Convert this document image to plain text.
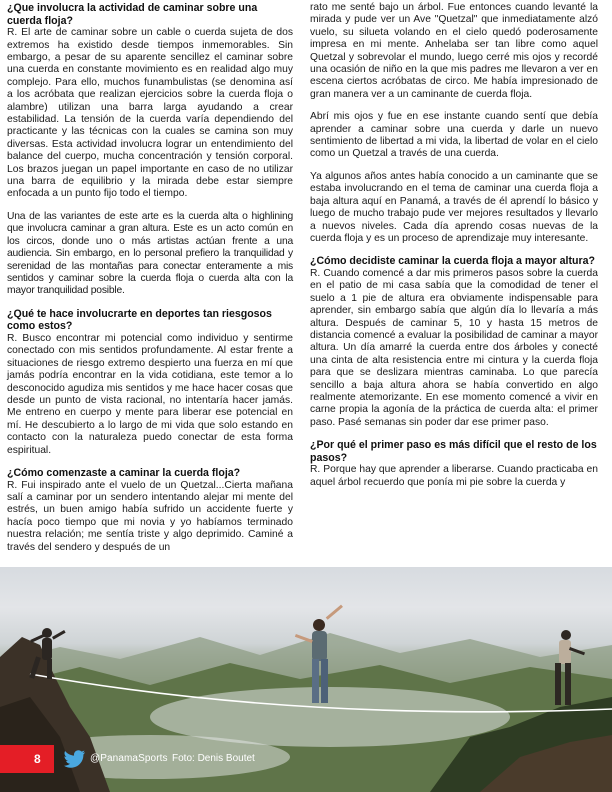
¿Que involucra la actividad de caminar sobre una cuerda floja?

R. El arte de caminar sobre un cable o cuerda sujeta de dos extremos ha existido desde tiempos inmemorables. Sin embargo, a pesar de su aparente sencillez el caminar sobre una cuerda en constante movimiento es en realidad algo muy complejo. Para ello, muchos funambulistas (se denomina así a los acróbata que realizan ejercicios sobre la cuerda floja o alambre) utilizan una barra larga ayudando a crear estabilidad. La tensión de la cuerda varía dependiendo del practicante y las técnicas con la cuales se camina son muy diversas. Esta actividad involucra lograr un entendimiento del balance del cuerpo, mucha concentración y tensión corporal. Los brazos juegan un papel importante en caso de no utilizar una barra de equilibrio y la mirada debe estar siempre enfocada a un punto fijo todo el tiempo.

Una de las variantes de este arte es la cuerda alta o highlining que involucra caminar a gran altura. Este es un acto común en los circos, donde uno o más artistas actúan frente a una audiencia. Sin embargo, en lo personal prefiero la tranquilidad y serenidad de las montañas para conectar enteramente a mis sentidos y caminar sobre la cuerda floja o cuerda alta con la mayor tranquilidad posible.

¿Qué te hace involucrarte en deportes tan riesgosos como estos?

R. Busco encontrar mi potencial como individuo y sentirme conectado con mis sentidos profundamente. Al estar frente a situaciones de riesgo extremo despierto una fuerza en mí que jamás podría encontrar en la vida cotidiana, este temor a lo desconocido agudiza mis sentidos y me hace hacer cosas que desde un punto de vista racional, no intentaría hacer jamás. Me entreno en cuerpo y mente para liberar ese potencial en mí. He descubierto a lo largo de mi vida que solo estando en contacto con la naturaleza puedo conectar de esta forma espiritual.

¿Cómo comenzaste a caminar la cuerda floja?

R. Fui inspirado ante el vuelo de un Quetzal...Cierta mañana salí a caminar por un sendero intentando alejar mi mente del estrés, un buen amigo había sufrido un accidente fuerte y hacía poco tiempo que mi novia y yo habíamos terminado nuestra relación; me sentía triste y algo deprimido. Caminé a través del sendero y después de un

rato me senté bajo un árbol. Fue entonces cuando levanté la mirada y pude ver un Ave "Quetzal" que inmediatamente alzó vuelo, su silueta volando en el cielo quedó poderosamente impresa en mi mente. Anhelaba ser tan libre como aquel Quetzal y sobrevolar el mundo, luego cerré mis ojos y recordé una ocasión de niño en la que mis padres me llevaron a ver en escena ciertos acróbatas de circo. Me había impresionado de gran manera ver a un caminante de cuerda floja.

Abrí mis ojos y fue en ese instante cuando sentí que debía aprender a caminar sobre una cuerda y darle un nuevo sentimiento de libertad a mi vida, la libertad de volar en el cielo como un Quetzal a través de una cuerda.

Ya algunos años antes había conocido a un caminante que se estaba involucrando en el tema de caminar una cuerda floja a baja altura aquí en Panamá, a través de él aprendí lo básico y luego de mucho trabajo pude ver mejores resultados y llevarlo a nuevos niveles. Cada día aprendo cosas nuevas de la cuerda floja y es un proceso de aprendizaje muy interesante.

¿Cómo decidiste caminar la cuerda floja a mayor altura?

R. Cuando comencé a dar mis primeros pasos sobre la cuerda en el patio de mi casa sabía que la comodidad de tener el suelo a 1 pie de altura era obviamente indispensable para aprender, sin embargo sabía que algún día lo llevaría a más altura. Después de caminar 5, 10 y hasta 15 metros de distancia comencé a evaluar la posibilidad de caminar a mayor altura. Un día amarré la cuerda entre dos árboles y conecté una cinta de alta resistencia entre mi cintura y la cuerda floja para que se deslizara mientras caminaba. Lo que parecía sencillo a baja altura ahora se había convertido en algo realmente atemorizante. En ese momento comencé a vivir en carne propia la agonía de la práctica de cuerda alta: el primer paso. Pasé semanas sin poder dar ese primer paso.

¿Por qué el primer paso es más difícil que el resto de los pasos?

R. Porque hay que aprender a liberarse. Cuando practicaba en aquel árbol recuerdo que ponía mi pie sobre la cuerda y

8	@PanamaSports Foto: Denis Boutet
